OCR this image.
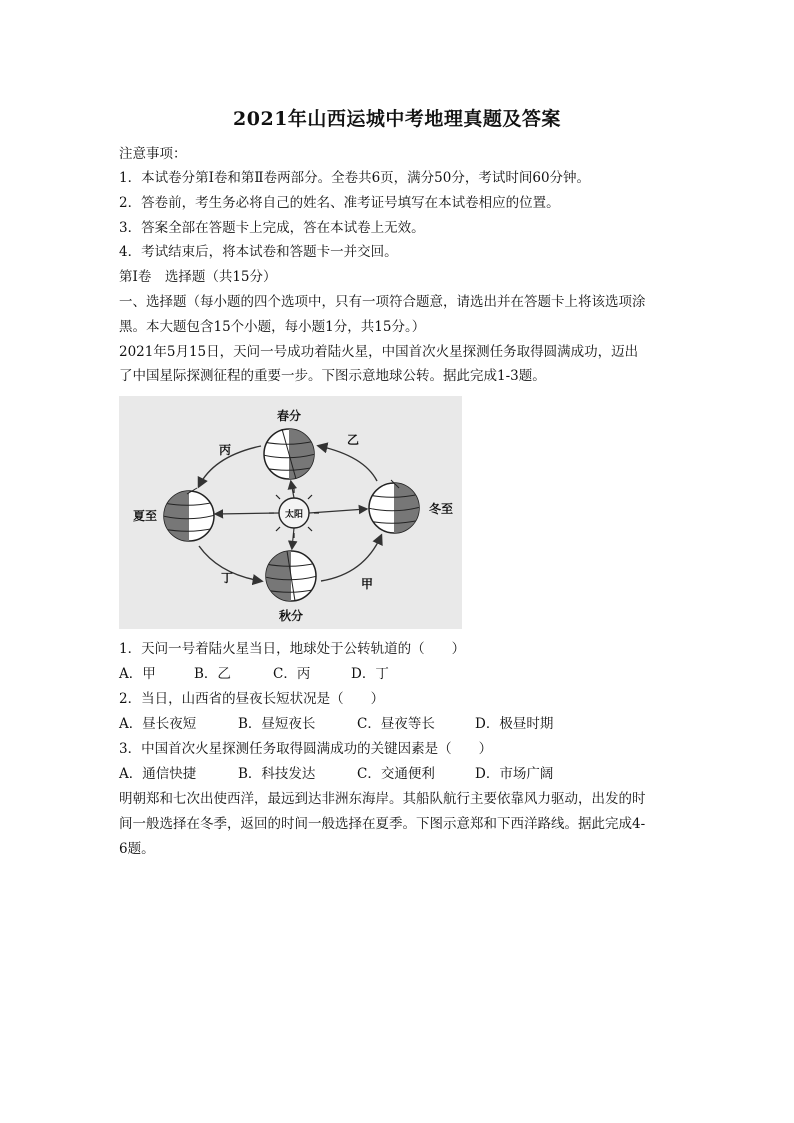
2021年山西运城中考地理真题及答案
注意事项：
1．本试卷分第Ⅰ卷和第Ⅱ卷两部分。全卷共6页，满分50分，考试时间60分钟。
2．答卷前，考生务必将自己的姓名、准考证号填写在本试卷相应的位置。
3．答案全部在答题卡上完成，答在本试卷上无效。
4．考试结束后，将本试卷和答题卡一并交回。
第Ⅰ卷　选择题（共15分）
一、选择题（每小题的四个选项中，只有一项符合题意，请选出并在答题卡上将该选项涂
黑。本大题包含15个小题，每小题1分，共15分。）
2021年5月15日，天问一号成功着陆火星，中国首次火星探测任务取得圆满成功，迈出
了中国星际探测征程的重要一步。下图示意地球公转。据此完成1-3题。
春分
夏至	冬至
秋分
太阳
甲
乙
丙
丁
1．天问一号着陆火星当日，地球处于公转轨道的（　　）
A．甲	B．乙	C．丙	D．丁
2．当日，山西省的昼夜长短状况是（　　）
A．昼长夜短	B．昼短夜长	C．昼夜等长	D．极昼时期
3．中国首次火星探测任务取得圆满成功的关键因素是（　　）
A．通信快捷	B．科技发达	C．交通便利	D．市场广阔
明朝郑和七次出使西洋，最远到达非洲东海岸。其船队航行主要依靠风力驱动，出发的时
间一般选择在冬季，返回的时间一般选择在夏季。下图示意郑和下西洋路线。据此完成4-
6题。
